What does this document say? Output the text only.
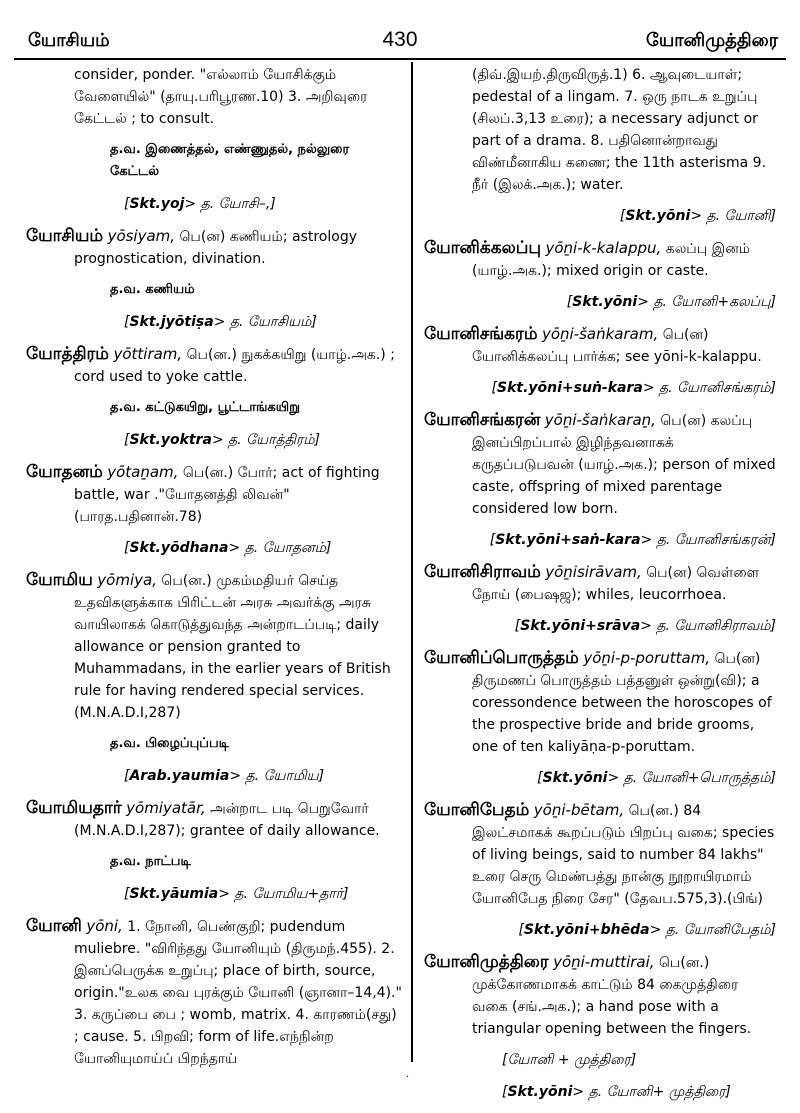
யோசியம்	430	யோனிமுத்திரை

consider, ponder. "எல்லாம் யோசிக்கும் வேளையில்" (தாயு.பரிபூரண.10) 3. அறிவுரை கேட்டல் ; to consult.

த.வ. இணைத்தல், எண்ணுதல், நல்லுரை கேட்டல்

[Skt.yoj> த. யோசி–,]

யோசியம் yōsiyam, பெ(ன) கணியம்; astrology prognostication, divination.

த.வ. கணியம்

[Skt.jyōtiṣa> த. யோசியம்]

யோத்திரம் yōttiram, பெ(ன.) நுகக்கயிறு (யாழ்.அக.) ; cord used to yoke cattle.

த.வ. கட்டுகயிறு, பூட்டாங்கயிறு

[Skt.yoktra> த. யோத்திரம்]

யோதனம் yōtaṉam, பெ(ன.) போர்; act of fighting battle, war ."யோதனத்தி லிவன்" (பாரத.பதினான்.78)

[Skt.yōdhana> த. யோதனம்]

யோமிய yōmiya, பெ(ன.) முகம்மதியர் செய்த உதவிகளுக்காக பிரிட்டன் அரசு அவர்க்கு அரசு வாயிலாகக் கொடுத்துவந்த அன்றாடப்படி; daily allowance or pension granted to Muhammadans, in the earlier years of British rule for having rendered special services. (M.N.A.D.I,287)

த.வ. பிழைப்புப்படி

[Arab.yaumia> த. யோமிய]

யோமியதார் yōmiyatār, அன்றாட படி பெறுவோர் (M.N.A.D.I,287); grantee of daily allowance.

த.வ. நாட்படி

[Skt.yāumia> த. யோமிய+தார்]

யோனி yōni, 1. நோனி, பெண்குறி; pudendum muliebre. "விரிந்தது யோனியும் (திருமந்.455). 2. இனப்பெருக்க உறுப்பு; place of birth, source, origin."உலக வை புரக்கும் யோனி (ஞானா–14,4)." 3. கருப்பை பை ; womb, matrix. 4. காரணம்(சது) ; cause. 5. பிறவி; form of life.எந்நின்ற யோனியுமாய்ப் பிறந்தாய்

(திவ்.இயற்.திருவிருத்.1) 6. ஆவுடையாள்; pedestal of a lingam. 7. ஒரு நாடக உறுப்பு (சிலப்.3,13 உரை); a necessary adjunct or part of a drama. 8. பதினொன்றாவது விண்மீனாகிய கணை; the 11th asterisma 9. நீர் (இலக்.அக.); water.

[Skt.yōni> த. யோனி]

யோனிக்கலப்பு yōṉi-k-kalappu, கலப்பு இனம் (யாழ்.அக.); mixed origin or caste.

[Skt.yōni> த. யோனி+கலப்பு]

யோனிசங்கரம் yōṉi-šaṅkaram, பெ(ன) யோனிக்கலப்பு பார்க்க; see yōni-k-kalappu.

[Skt.yōni+suṅ-kara> த. யோனிசங்கரம்]

யோனிசங்கரன் yōṉi-šaṅkaraṉ, பெ(ன) கலப்பு இனப்பிறப்பால் இழிந்தவனாகக் கருதப்படுபவன் (யாழ்.அக.); person of mixed caste, offspring of mixed parentage considered low born.

[Skt.yōni+saṅ-kara> த. யோனிசங்கரன்]

யோனிசிராவம் yōṉisirāvam, பெ(ன) வெள்ளை நோய் (பைஷஜ); whiles, leucorrhoea.

[Skt.yōni+srāva> த. யோனிசிராவம்]

யோனிப்பொருத்தம் yōṉi-p-poruttam, பெ(ன) திருமணப் பொருத்தம் பத்தனுள் ஒன்று(வி); a coressondence between the horoscopes of the prospective bride and bride grooms, one of ten kaliyāṇa-p-poruttam.

[Skt.yōni> த. யோனி+பொருத்தம்]

யோனிபேதம் yōṉi-bētam, பெ(ன.) 84 இலட்சமாகக் கூறப்படும் பிறப்பு வகை; species of living beings, said to number 84 lakhs" உரை செரு மெண்பத்து நான்கு நூறாயிரமாம் யோனிபேத நிரை சேர" (தேவப.575,3).(பிங்)

[Skt.yōni+bhēda> த. யோனிபேதம்]

யோனிமுத்திரை yōṉi-muttirai, பெ(ன.) முக்கோணமாகக் காட்டும் 84 கைமுத்திரை வகை (சங்.அக.); a hand pose with a triangular opening between the fingers.

[யோனி + முத்திரை]

[Skt.yōni> த. யோனி+ முத்திரை]

·
